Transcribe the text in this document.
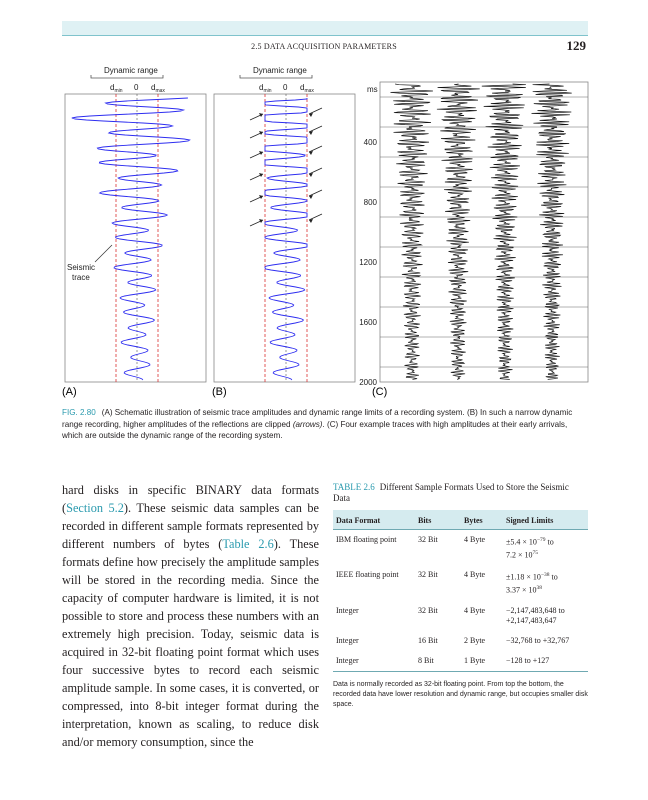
2.5 DATA ACQUISITION PARAMETERS	129
Dynamic range
$d_{min}$ 0 $d_{max}$
Seismic
trace
(A)
Dynamic range
$d_{min}$ 0 $d_{max}$
(B)
ms
400
800
1200
1600
2000
(C)
FIG. 2.80 (A) Schematic illustration of seismic trace amplitudes and dynamic range limits of a recording system. (B) In such a narrow dynamic range recording, higher amplitudes of the reflections are clipped (arrows). (C) Four example traces with high amplitudes at their early arrivals, which are outside the dynamic range of the recording system.
hard disks in specific BINARY data formats (Section 5.2). These seismic data samples can be recorded in different sample formats represented by different numbers of bytes (Table 2.6). These formats define how precisely the amplitude samples will be stored in the recording media. Since the capacity of computer hardware is limited, it is not possible to store and process these numbers with an extremely high precision. Today, seismic data is acquired in 32-bit floating point format which uses four successive bytes to record each seismic amplitude sample. In some cases, it is converted, or compressed, into 8-bit integer format during the interpretation, known as scaling, to reduce disk and/or memory consumption, since the
TABLE 2.6 Different Sample Formats Used to Store the Seismic Data
Data Format	Bits	Bytes	Signed Limits
IBM floating point	32 Bit	4 Byte	$\pm 5.4 \times 10^{-79}$ to
$7.2 \times 10^{75}$
IEEE floating point	32 Bit	4 Byte	$\pm 1.18 \times 10^{-38}$ to
$3.37 \times 10^{38}$
Integer	32 Bit	4 Byte	−2,147,483,648 to
+2,147,483,647
Integer	16 Bit	2 Byte	−32,768 to +32,767
Integer	8 Bit	1 Byte	−128 to +127
Data is normally recorded as 32-bit floating point. From top the bottom, the recorded data have lower resolution and dynamic range, but occupies smaller disk space.
